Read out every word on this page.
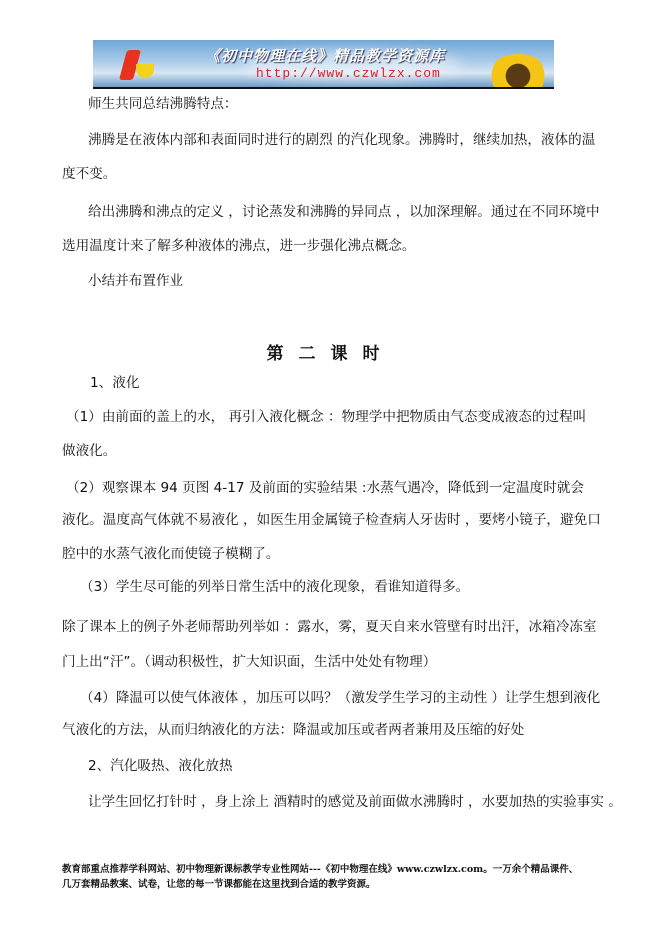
《初中物理在线》精品教学资源库
http://www.czwlzx.com
师生共同总结沸腾特点：
沸腾是在液体内部和表面同时进行的剧烈 的汽化现象。沸腾时，继续加热，液体的温
度不变。
给出沸腾和沸点的定义 ，讨论蒸发和沸腾的异同点 ，以加深理解。通过在不同环境中
选用温度计来了解多种液体的沸点，进一步强化沸点概念。
小结并布置作业
第二课时
1、液化
（1）由前面的盖上的水， 再引入液化概念 ：物理学中把物质由气态变成液态的过程叫
做液化。
（2）观察课本 94 页图 4-17 及前面的实验结果 :水蒸气遇冷，降低到一定温度时就会
液化。温度高气体就不易液化 ，如医生用金属镜子检查病人牙齿时 ，要烤小镜子，避免口
腔中的水蒸气液化而使镜子模糊了。
（3）学生尽可能的列举日常生活中的液化现象，看谁知道得多。
除了课本上的例子外老师帮助列举如 ：露水，雾，夏天自来水管壁有时出汗，冰箱冷冻室
门上出“汗”。（调动积极性，扩大知识面，生活中处处有物理）
（4）降温可以使气体液体 ，加压可以吗？（激发学生学习的主动性 ）让学生想到液化
气液化的方法，从而归纳液化的方法：降温或加压或者两者兼用及压缩的好处
2、汽化吸热、液化放热
让学生回忆打针时 ，身上涂上 酒精时的感觉及前面做水沸腾时 ，水要加热的实验事实 。
教育部重点推荐学科网站、初中物理新课标教学专业性网站---《初中物理在线》www.czwlzx.com。一万余个精品课件、
几万套精品教案、试卷，让您的每一节课都能在这里找到合适的教学资源。
